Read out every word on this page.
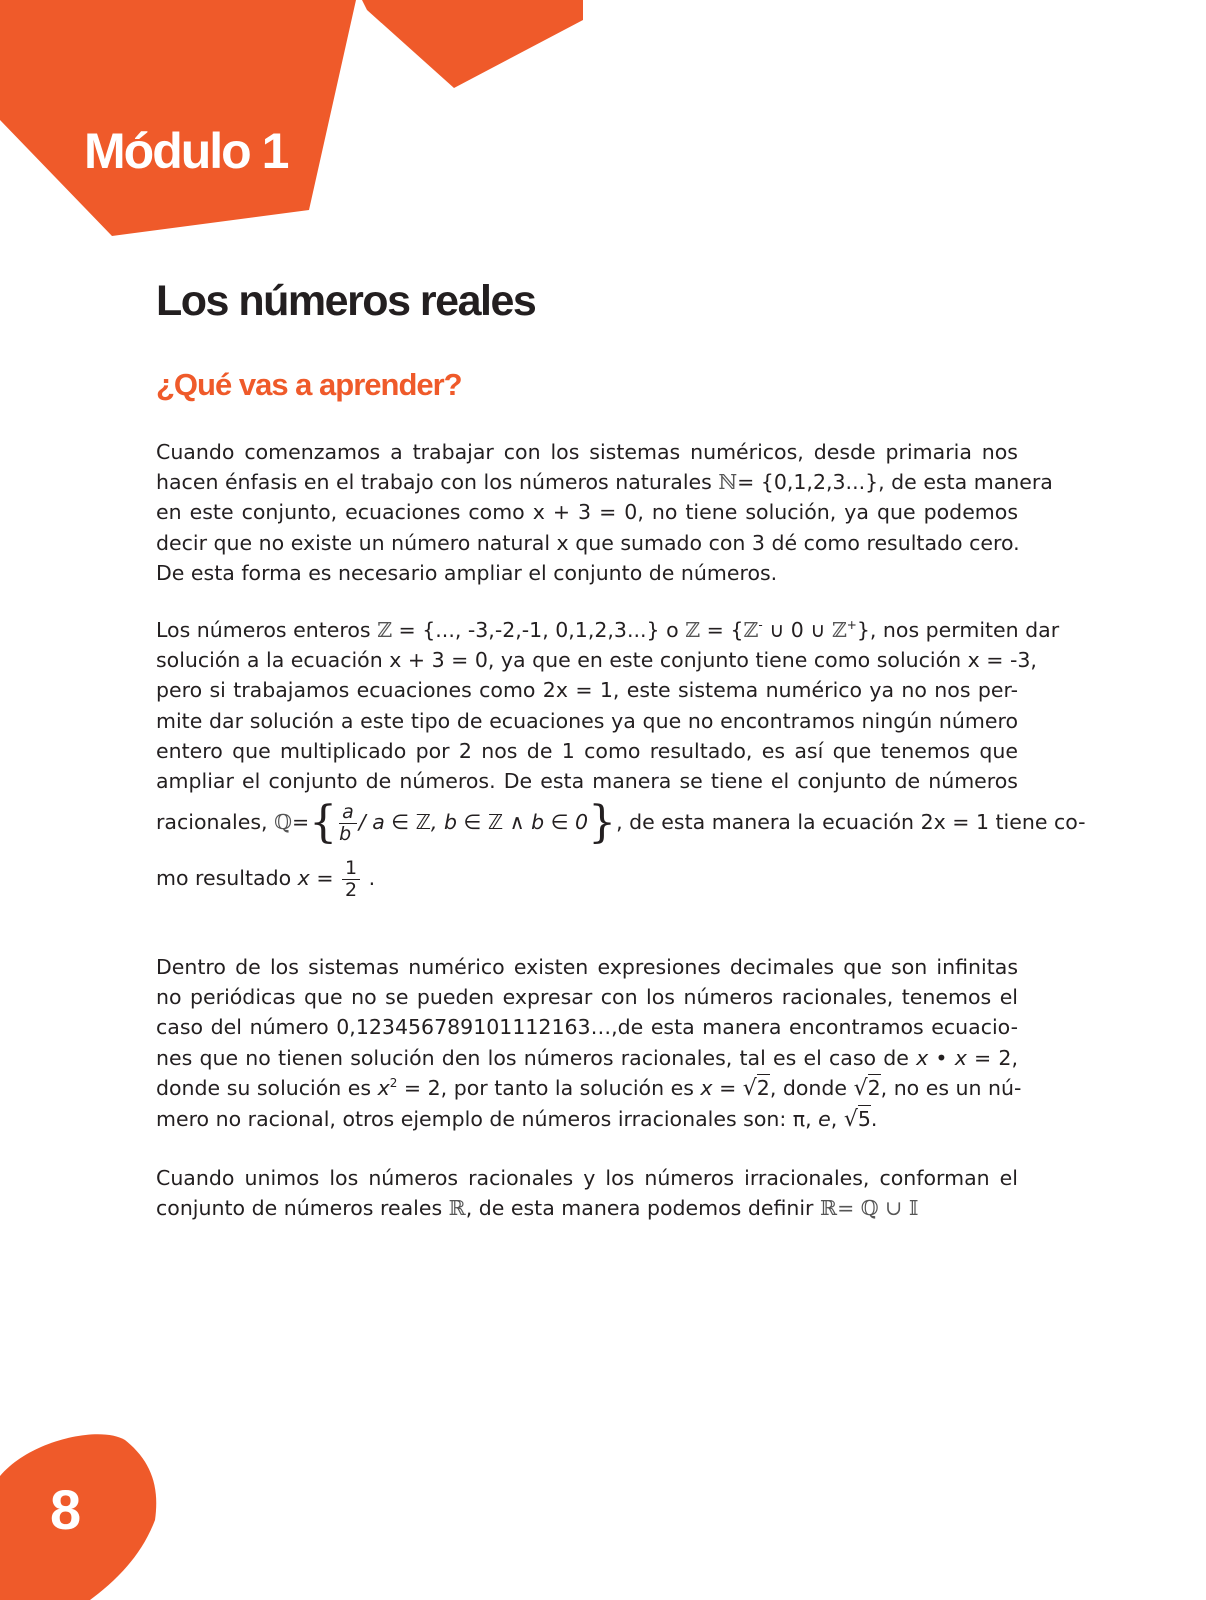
Módulo 1
8
Los números reales
¿Qué vas a aprender?
Cuando comenzamos a trabajar con los sistemas numéricos, desde primaria nos
hacen énfasis en el trabajo con los números naturales ℕ= {0,1,2,3...}, de esta manera
en este conjunto, ecuaciones como x + 3 = 0, no tiene solución, ya que podemos
decir que no existe un número natural x que sumado con 3 dé como resultado cero.
De esta forma es necesario ampliar el conjunto de números.
Los números enteros ℤ = {..., -3,-2,-1, 0,1,2,3...} o ℤ = {ℤ- ∪ 0 ∪ ℤ+}, nos permiten dar
solución a la ecuación x + 3 = 0, ya que en este conjunto tiene como solución x = -3,
pero si trabajamos ecuaciones como 2x = 1, este sistema numérico ya no nos per-
mite dar solución a este tipo de ecuaciones ya que no encontramos ningún número
entero que multiplicado por 2 nos de 1 como resultado, es así que tenemos que
ampliar el conjunto de números. De esta manera se tiene el conjunto de números
racionales, ℚ={ $\frac{a}{b}$ / a ∈ ℤ, b ∈ ℤ ∧ b ∈ 0}, de esta manera la ecuación 2x = 1 tiene co-
mo resultado $x = \frac{1}{2}$ .
Dentro de los sistemas numérico existen expresiones decimales que son infinitas
no periódicas que no se pueden expresar con los números racionales, tenemos el
caso del número 0,123456789101112163…,de esta manera encontramos ecuacio-
nes que no tienen solución den los números racionales, tal es el caso de x • x = 2,
donde su solución es $x^2 = 2$, por tanto la solución es x = √2, donde √2, no es un nú-
mero no racional, otros ejemplo de números irracionales son: π, e, √5.
Cuando unimos los números racionales y los números irracionales, conforman el
conjunto de números reales ℝ, de esta manera podemos definir ℝ= ℚ ∪ 𝕀
